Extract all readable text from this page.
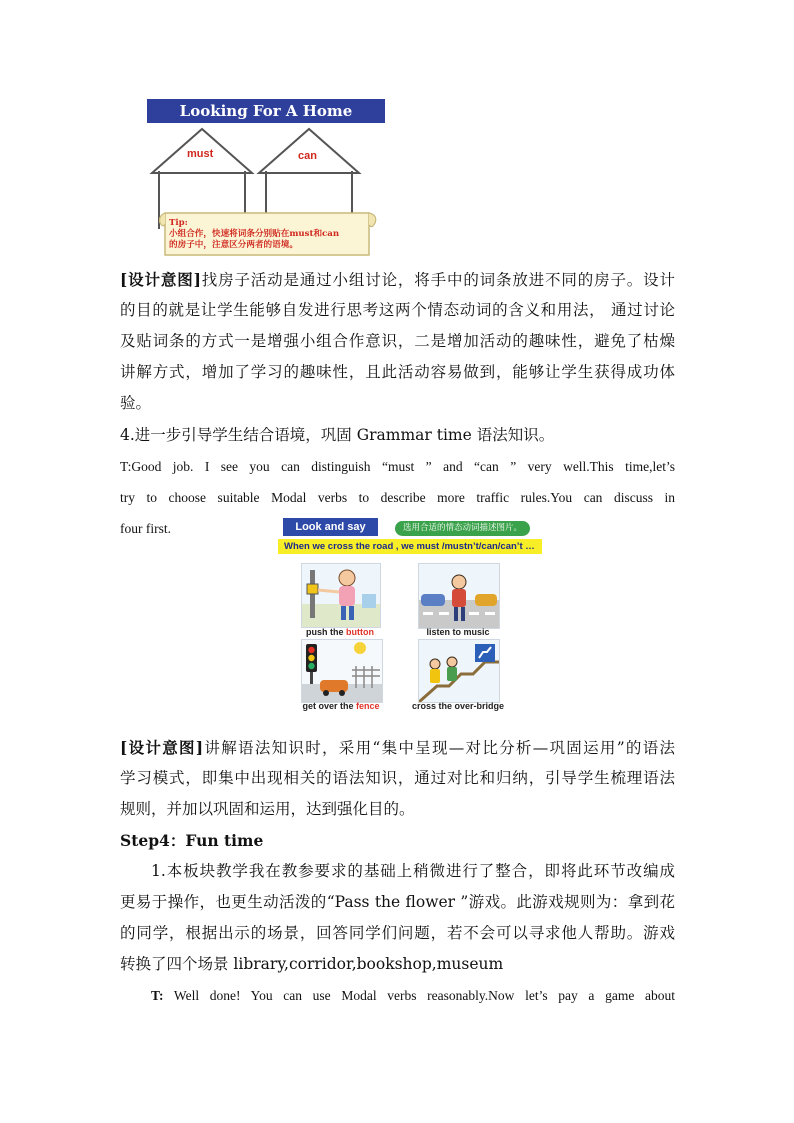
Looking For A Home
must	can
Tip:
小组合作，快速将词条分别贴在must和can
的房子中，注意区分两者的语境。
[设计意图]找房子活动是通过小组讨论，将手中的词条放进不同的房子。设计
的目的就是让学生能够自发进行思考这两个情态动词的含义和用法， 通过讨论
及贴词条的方式一是增强小组合作意识，二是增加活动的趣味性，避免了枯燥
讲解方式，增加了学习的趣味性，且此活动容易做到，能够让学生获得成功体
验。
4.进一步引导学生结合语境，巩固 Grammar time 语法知识。
T:Good job. I see you can distinguish “must ” and “can ” very well.This time,let’s
try to choose suitable Modal verbs to describe more traffic rules.You can discuss in
four first.	Look and say	选用合适的情态动词描述图片。
When we cross the road , we must /mustn’t/can/can’t …
push the button	listen to music
get over the fence	cross the over-bridge
[设计意图]讲解语法知识时，采用“集中呈现—对比分析—巩固运用”的语法
学习模式，即集中出现相关的语法知识，通过对比和归纳，引导学生梳理语法
规则，并加以巩固和运用，达到强化目的。
Step4：Fun time
1.本板块教学我在教参要求的基础上稍微进行了整合，即将此环节改编成
更易于操作，也更生动活泼的“Pass the flower ”游戏。此游戏规则为：拿到花
的同学，根据出示的场景，回答同学们问题，若不会可以寻求他人帮助。游戏
转换了四个场景 library,corridor,bookshop,museum
T: Well done! You can use Modal verbs reasonably.Now let’s pay a game about
